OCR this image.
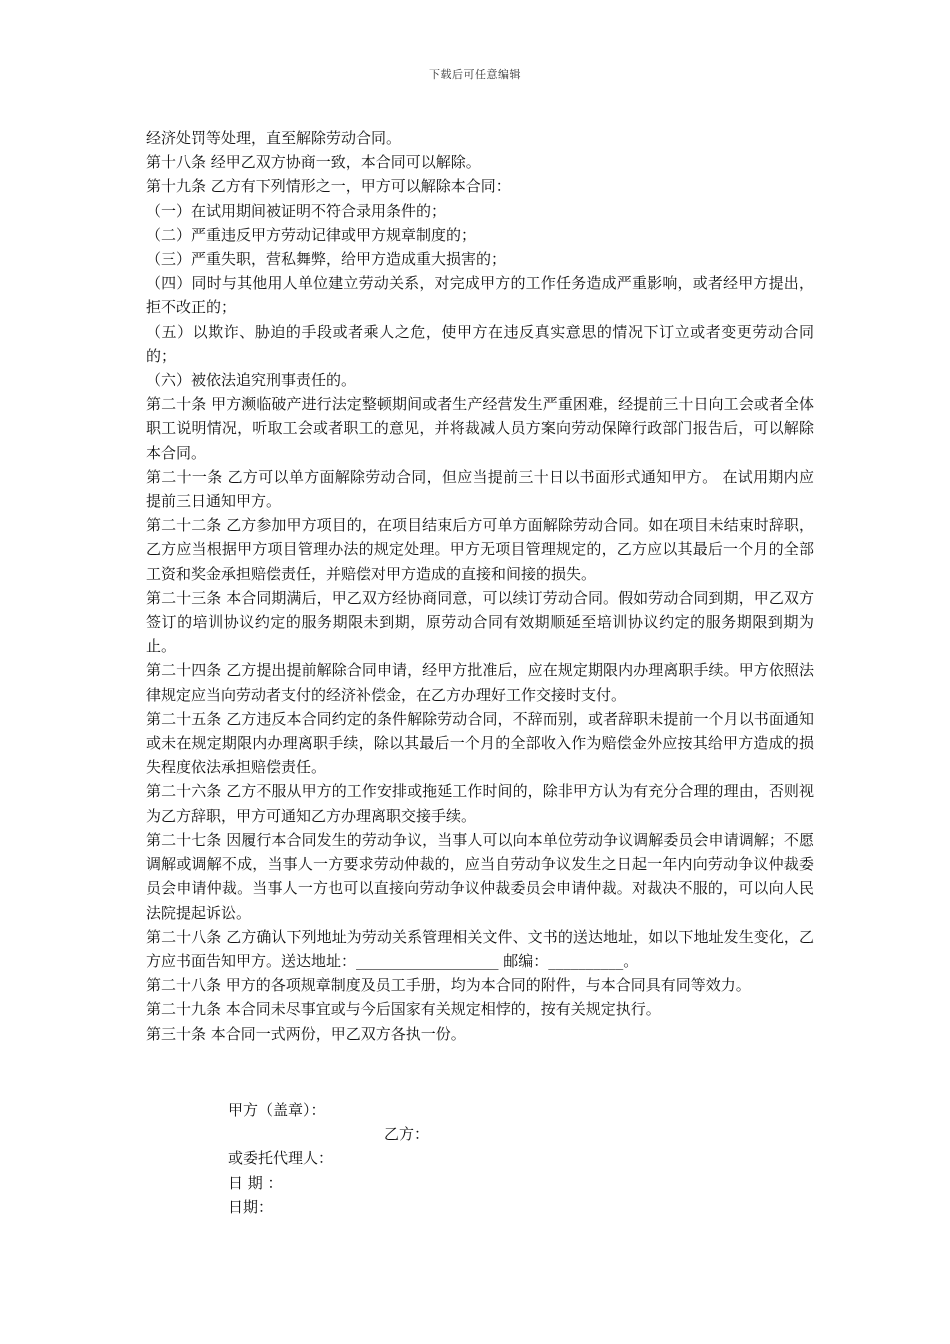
下载后可任意编辑

经济处罚等处理，直至解除劳动合同。

第十八条 经甲乙双方协商一致，本合同可以解除。

第十九条 乙方有下列情形之一，甲方可以解除本合同：

（一）在试用期间被证明不符合录用条件的；

（二）严重违反甲方劳动记律或甲方规章制度的；

（三）严重失职，营私舞弊，给甲方造成重大损害的；

（四）同时与其他用人单位建立劳动关系，对完成甲方的工作任务造成严重影响，或者经甲方提出，拒不改正的；

（五）以欺诈、胁迫的手段或者乘人之危，使甲方在违反真实意思的情况下订立或者变更劳动合同的；

（六）被依法追究刑事责任的。

第二十条 甲方濒临破产进行法定整顿期间或者生产经营发生严重困难，经提前三十日向工会或者全体职工说明情况，听取工会或者职工的意见，并将裁减人员方案向劳动保障行政部门报告后，可以解除本合同。

第二十一条 乙方可以单方面解除劳动合同，但应当提前三十日以书面形式通知甲方。 在试用期内应提前三日通知甲方。

第二十二条 乙方参加甲方项目的，在项目结束后方可单方面解除劳动合同。如在项目未结束时辞职，乙方应当根据甲方项目管理办法的规定处理。甲方无项目管理规定的，乙方应以其最后一个月的全部工资和奖金承担赔偿责任，并赔偿对甲方造成的直接和间接的损失。

第二十三条 本合同期满后，甲乙双方经协商同意，可以续订劳动合同。假如劳动合同到期，甲乙双方签订的培训协议约定的服务期限未到期，原劳动合同有效期顺延至培训协议约定的服务期限到期为止。

第二十四条 乙方提出提前解除合同申请，经甲方批准后，应在规定期限内办理离职手续。甲方依照法律规定应当向劳动者支付的经济补偿金，在乙方办理好工作交接时支付。

第二十五条 乙方违反本合同约定的条件解除劳动合同，不辞而别，或者辞职未提前一个月以书面通知或未在规定期限内办理离职手续，除以其最后一个月的全部收入作为赔偿金外应按其给甲方造成的损失程度依法承担赔偿责任。

第二十六条 乙方不服从甲方的工作安排或拖延工作时间的，除非甲方认为有充分合理的理由，否则视为乙方辞职，甲方可通知乙方办理离职交接手续。

第二十七条 因履行本合同发生的劳动争议，当事人可以向本单位劳动争议调解委员会申请调解；不愿调解或调解不成，当事人一方要求劳动仲裁的，应当自劳动争议发生之日起一年内向劳动争议仲裁委员会申请仲裁。当事人一方也可以直接向劳动争议仲裁委员会申请仲裁。对裁决不服的，可以向人民法院提起诉讼。

第二十八条 乙方确认下列地址为劳动关系管理相关文件、文书的送达地址，如以下地址发生变化，乙方应书面告知甲方。送达地址：___________________ 邮编：__________。

第二十八条 甲方的各项规章制度及员工手册，均为本合同的附件，与本合同具有同等效力。

第二十九条 本合同未尽事宜或与今后国家有关规定相悖的，按有关规定执行。

第三十条 本合同一式两份，甲乙双方各执一份。

甲方（盖章）：
乙方：
或委托代理人：
日 期 ：
日期：
